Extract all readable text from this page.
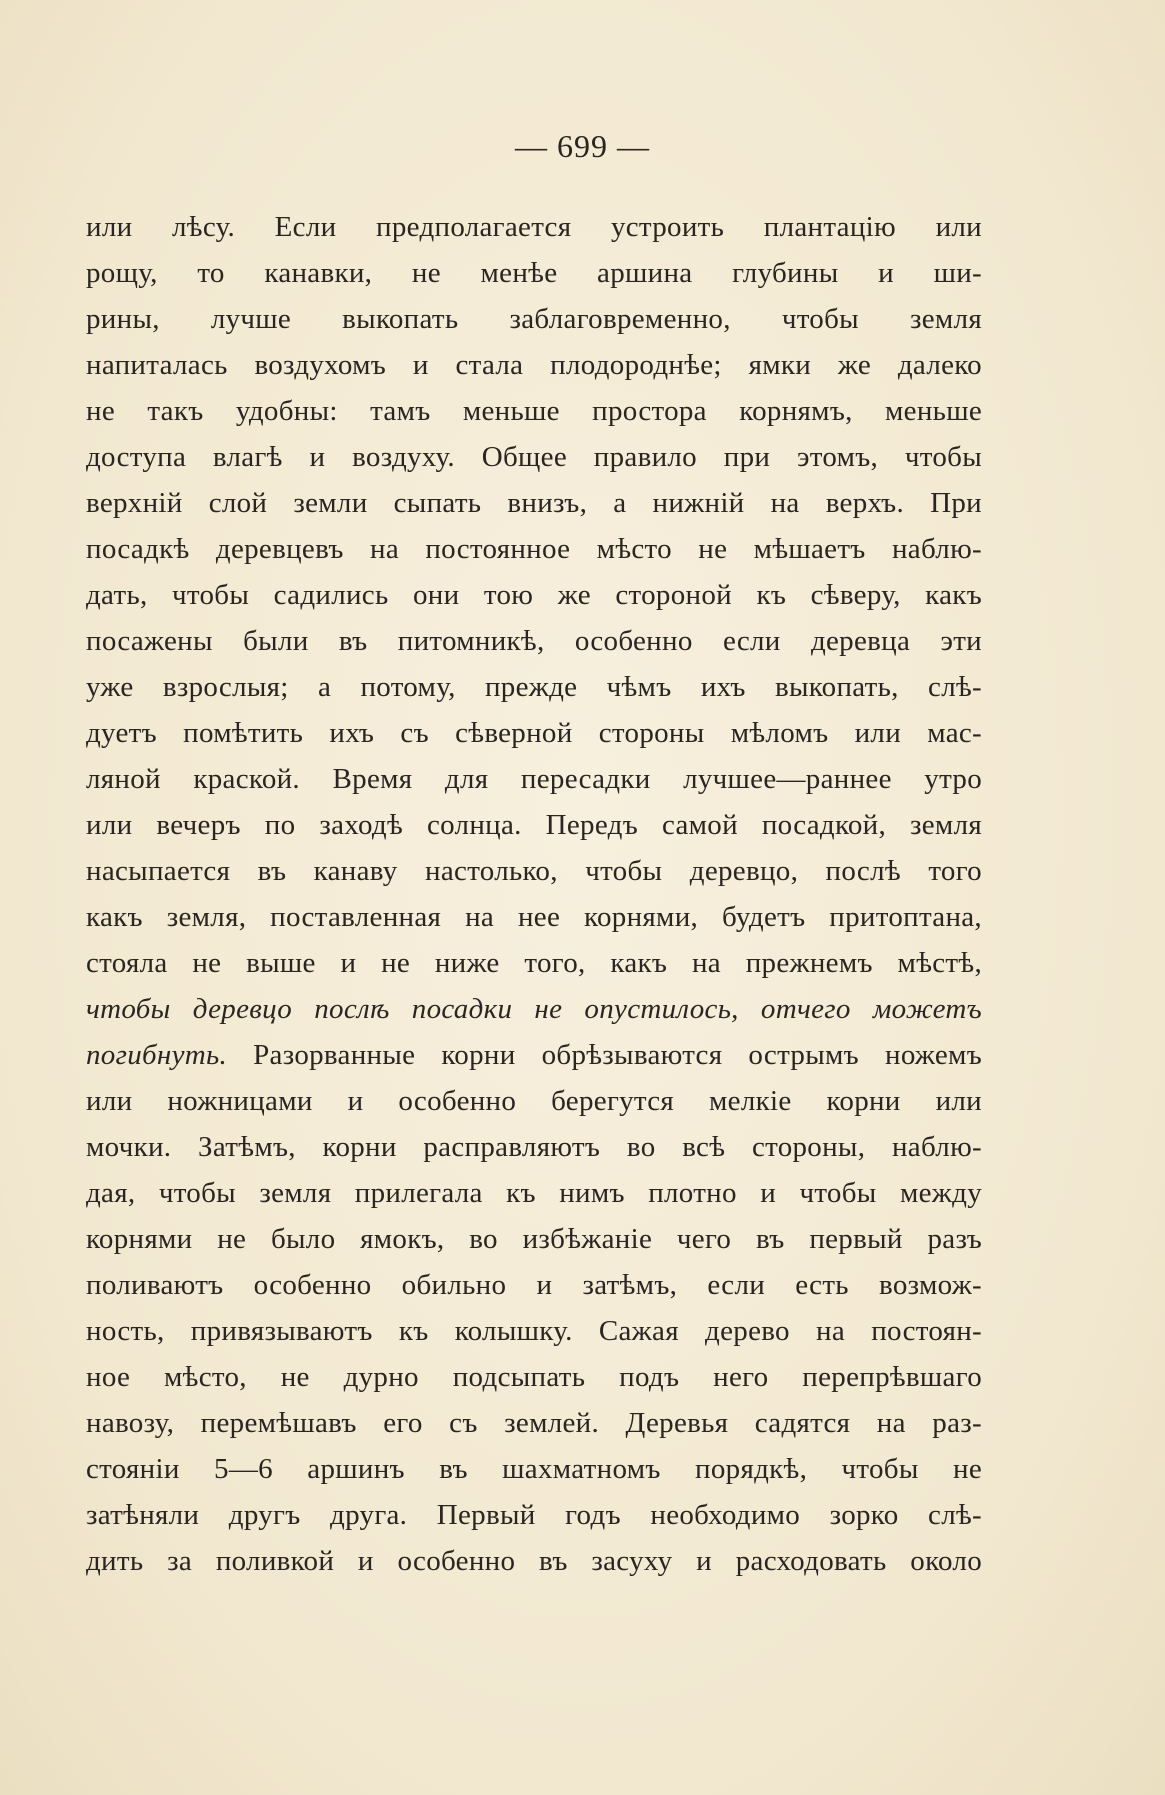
— 699 —
или лѣсу. Если предполагается устроить плантацію или
рощу, то канавки, не менѣе аршина глубины и ши-
рины, лучше выкопать заблаговременно, чтобы земля
напиталась воздухомъ и стала плодороднѣе; ямки же далеко
не такъ удобны: тамъ меньше простора корнямъ, меньше
доступа влагѣ и воздуху. Общее правило при этомъ, чтобы
верхній слой земли сыпать внизъ, а нижній на верхъ. При
посадкѣ деревцевъ на постоянное мѣсто не мѣшаетъ наблю-
дать, чтобы садились они тою же стороной къ сѣверу, какъ
посажены были въ питомникѣ, особенно если деревца эти
уже взрослыя; а потому, прежде чѣмъ ихъ выкопать, слѣ-
дуетъ помѣтить ихъ съ сѣверной стороны мѣломъ или мас-
ляной краской. Время для пересадки лучшее—раннее утро
или вечеръ по заходѣ солнца. Передъ самой посадкой, земля
насыпается въ канаву настолько, чтобы деревцо, послѣ того
какъ земля, поставленная на нее корнями, будетъ притоптана,
стояла не выше и не ниже того, какъ на прежнемъ мѣстѣ,
чтобы деревцо послѣ посадки не опустилось, отчего можетъ
погибнуть. Разорванные корни обрѣзываются острымъ ножемъ
или ножницами и особенно берегутся мелкіе корни или
мочки. Затѣмъ, корни расправляютъ во всѣ стороны, наблю-
дая, чтобы земля прилегала къ нимъ плотно и чтобы между
корнями не было ямокъ, во избѣжаніе чего въ первый разъ
поливаютъ особенно обильно и затѣмъ, если есть возмож-
ность, привязываютъ къ колышку. Сажая дерево на постоян-
ное мѣсто, не дурно подсыпать подъ него перепрѣвшаго
навозу, перемѣшавъ его съ землей. Деревья садятся на раз-
стояніи 5—6 аршинъ въ шахматномъ порядкѣ, чтобы не
затѣняли другъ друга. Первый годъ необходимо зорко слѣ-
дить за поливкой и особенно въ засуху и расходовать около
